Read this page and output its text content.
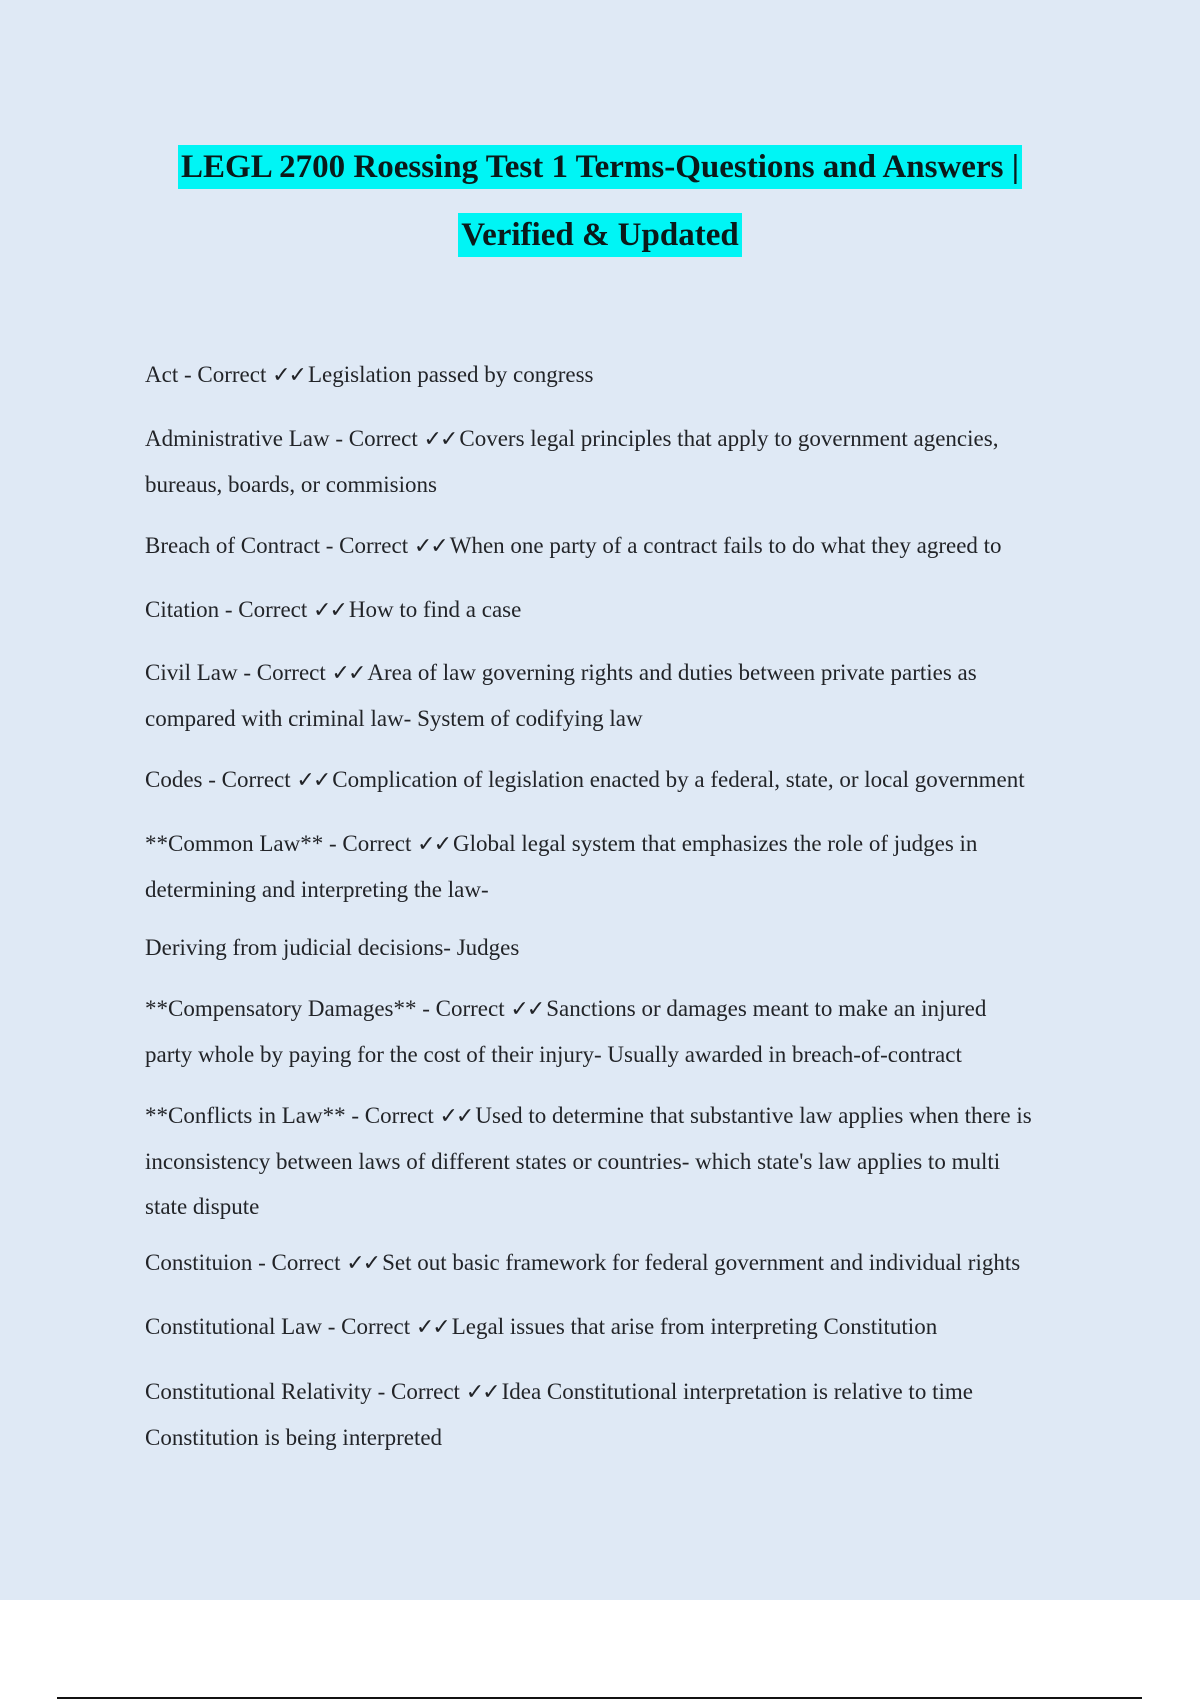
LEGL 2700 Roessing Test 1 Terms-Questions and Answers |
Verified & Updated
Act - Correct ✓✓ Legislation passed by congress
Administrative Law - Correct ✓✓ Covers legal principles that apply to government agencies,
bureaus, boards, or commisions
Breach of Contract - Correct ✓✓ When one party of a contract fails to do what they agreed to
Citation - Correct ✓✓ How to find a case
Civil Law - Correct ✓✓ Area of law governing rights and duties between private parties as
compared with criminal law- System of codifying law
Codes - Correct ✓✓ Complication of legislation enacted by a federal, state, or local government
**Common Law** - Correct ✓✓ Global legal system that emphasizes the role of judges in
determining and interpreting the law-
Deriving from judicial decisions- Judges
**Compensatory Damages** - Correct ✓✓ Sanctions or damages meant to make an injured
party whole by paying for the cost of their injury- Usually awarded in breach-of-contract
**Conflicts in Law** - Correct ✓✓ Used to determine that substantive law applies when there is
inconsistency between laws of different states or countries- which state's law applies to multi
state dispute
Constituion - Correct ✓✓ Set out basic framework for federal government and individual rights
Constitutional Law - Correct ✓✓ Legal issues that arise from interpreting Constitution
Constitutional Relativity - Correct ✓✓ Idea Constitutional interpretation is relative to time
Constitution is being interpreted
